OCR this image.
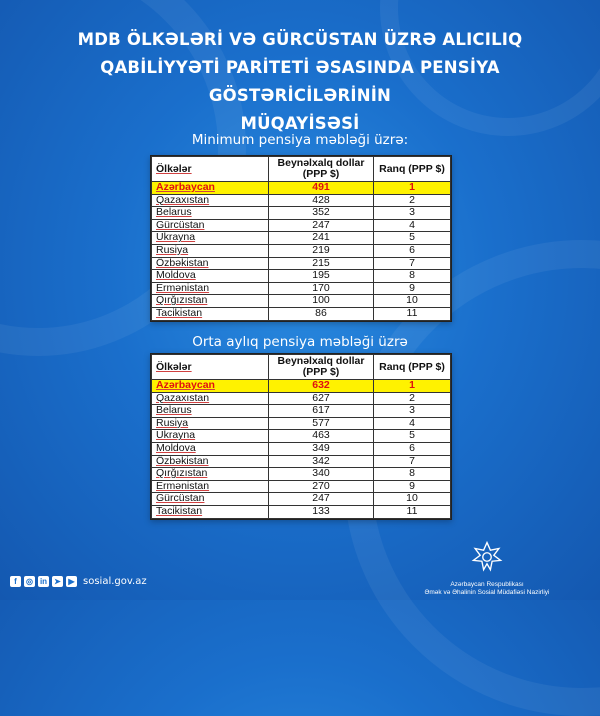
MDB ÖLKƏLƏRİ VƏ GÜRCÜSTAN ÜZRƏ ALICILIQ
QABİLİYYƏTİ PARİTETİ ƏSASINDA PENSİYA GÖSTƏRİCİLƏRİNİN
MÜQAYİSƏSİ
Minimum pensiya məbləği üzrə:
Ölkələr	Beynəlxalq dollar (PPP $)	Ranq (PPP $)
Azərbaycan	491	1
Qazaxıstan	428	2
Belarus	352	3
Gürcüstan	247	4
Ukrayna	241	5
Rusiya	219	6
Özbəkistan	215	7
Moldova	195	8
Ermənistan	170	9
Qırğızıstan	100	10
Tacikistan	86	11
Orta aylıq pensiya məbləği üzrə
Ölkələr	Beynəlxalq dollar (PPP $)	Ranq (PPP $)
Azərbaycan	632	1
Qazaxıstan	627	2
Belarus	617	3
Rusiya	577	4
Ukrayna	463	5
Moldova	349	6
Özbəkistan	342	7
Qırğızıstan	340	8
Ermənistan	270	9
Gürcüstan	247	10
Tacikistan	133	11
f	◎ in ➤ ▶ sosial.gov.az	Azərbaycan Respublikası
Əmək və Əhalinin Sosial Müdafiəsi Nazirliyi
